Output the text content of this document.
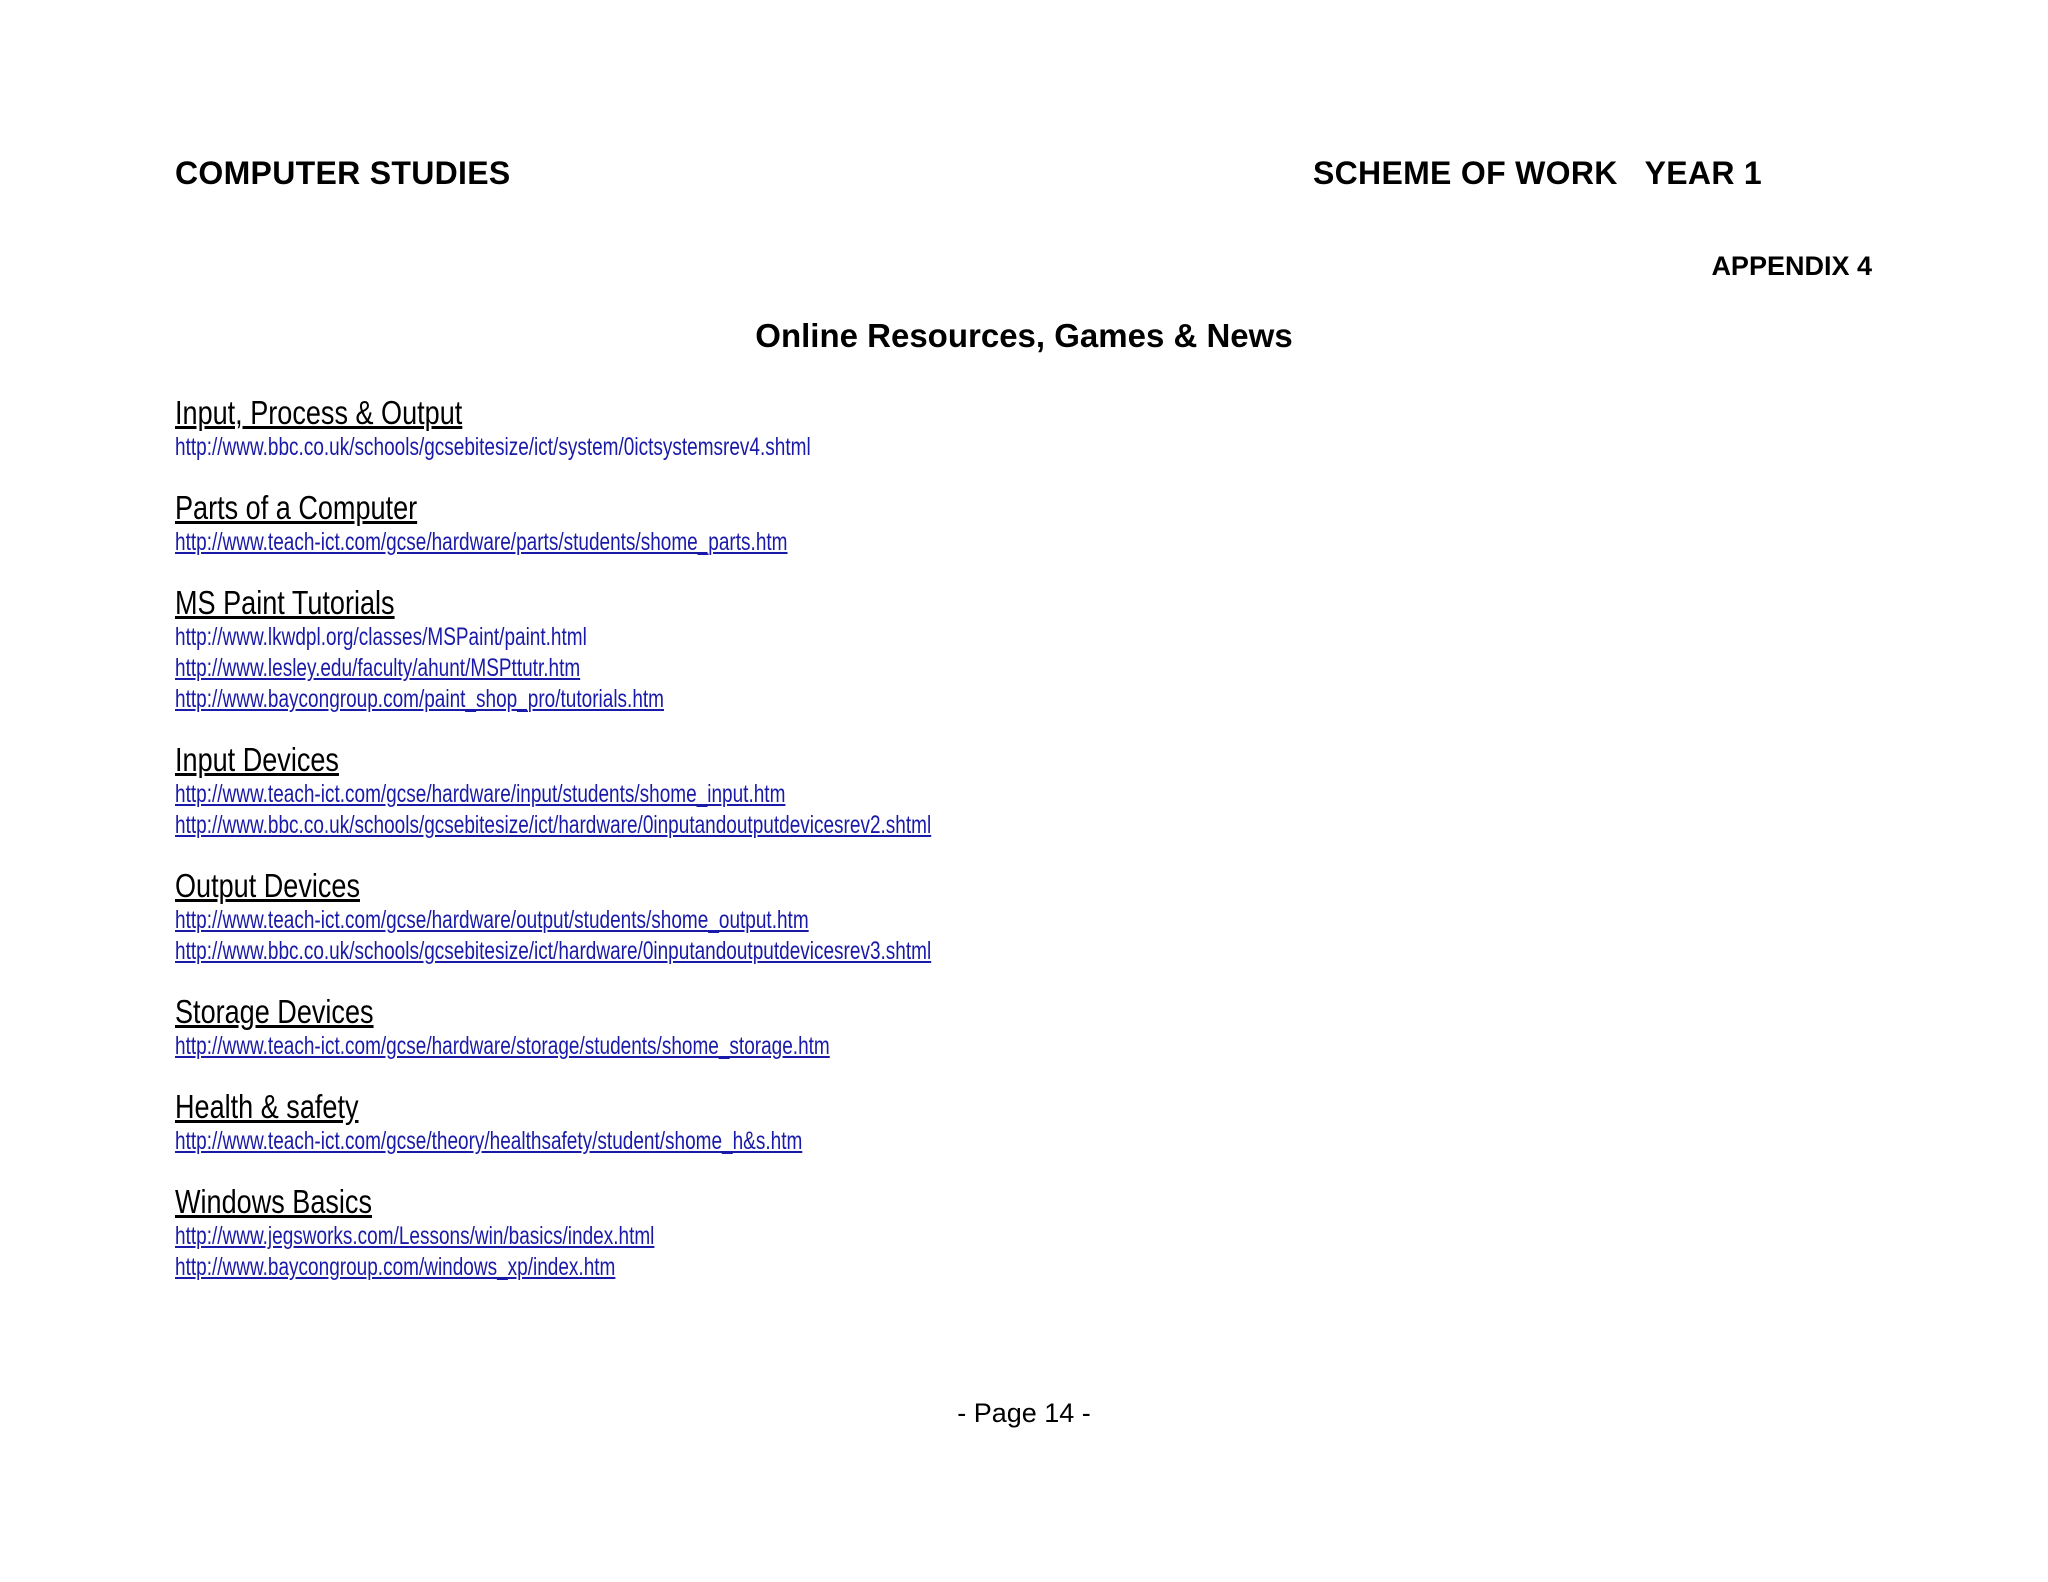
COMPUTER STUDIES	SCHEME OF WORK   YEAR 1
APPENDIX 4
Online Resources, Games & News
Input, Process & Output
http://www.bbc.co.uk/schools/gcsebitesize/ict/system/0ictsystemsrev4.shtml
Parts of a Computer
http://www.teach-ict.com/gcse/hardware/parts/students/shome_parts.htm
MS Paint Tutorials
http://www.lkwdpl.org/classes/MSPaint/paint.html
http://www.lesley.edu/faculty/ahunt/MSPttutr.htm
http://www.baycongroup.com/paint_shop_pro/tutorials.htm
Input Devices
http://www.teach-ict.com/gcse/hardware/input/students/shome_input.htm
http://www.bbc.co.uk/schools/gcsebitesize/ict/hardware/0inputandoutputdevicesrev2.shtml
Output Devices
http://www.teach-ict.com/gcse/hardware/output/students/shome_output.htm
http://www.bbc.co.uk/schools/gcsebitesize/ict/hardware/0inputandoutputdevicesrev3.shtml
Storage Devices
http://www.teach-ict.com/gcse/hardware/storage/students/shome_storage.htm
Health & safety
http://www.teach-ict.com/gcse/theory/healthsafety/student/shome_h&s.htm
Windows Basics
http://www.jegsworks.com/Lessons/win/basics/index.html
http://www.baycongroup.com/windows_xp/index.htm
- Page 14 -
